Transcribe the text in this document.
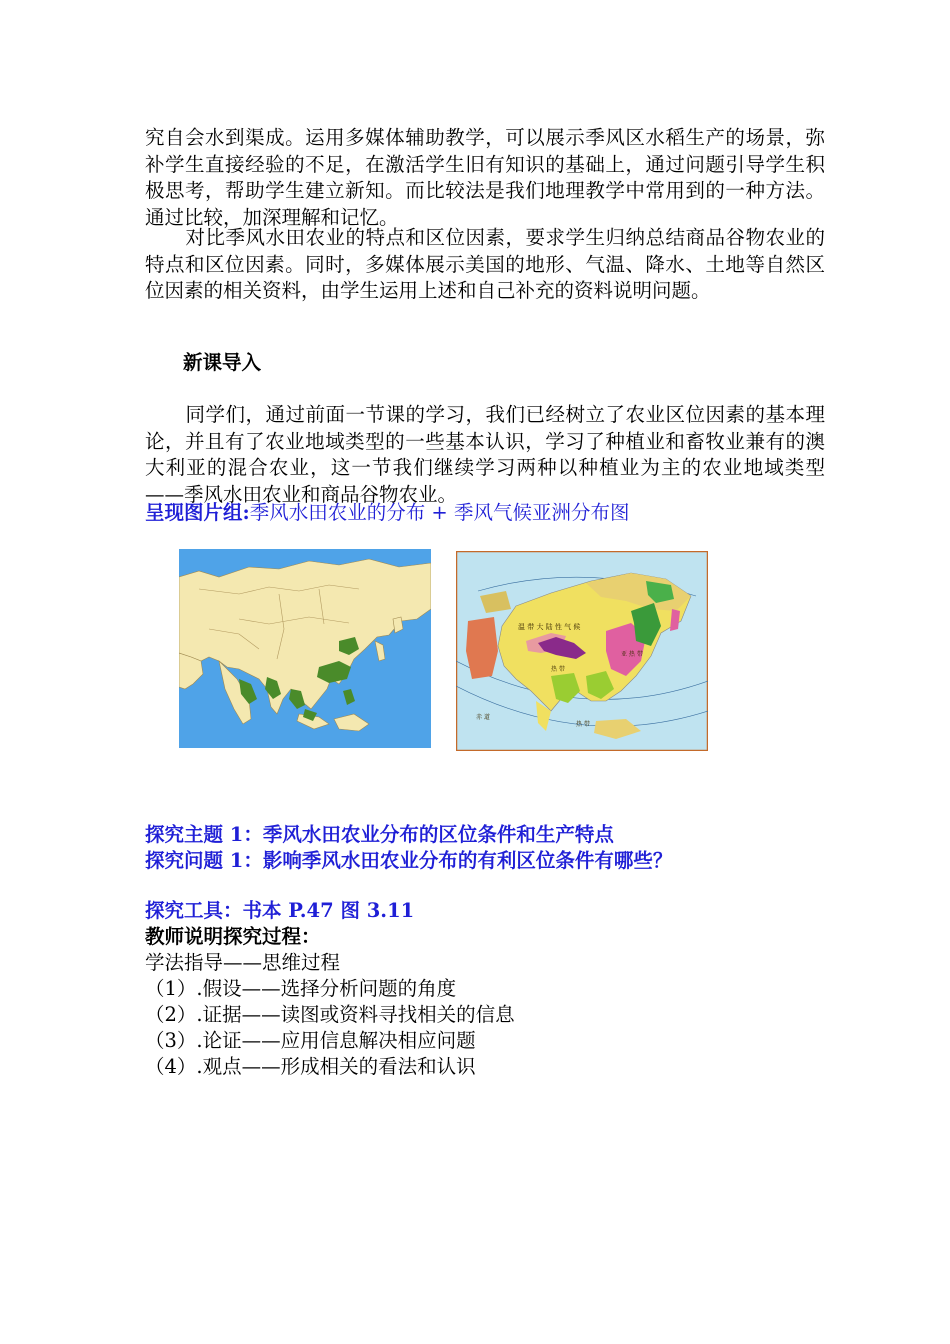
究自会水到渠成。运用多媒体辅助教学，可以展示季风区水稻生产的场景，弥补学生直接经验的不足，在激活学生旧有知识的基础上，通过问题引导学生积极思考，帮助学生建立新知。而比较法是我们地理教学中常用到的一种方法。通过比较，加深理解和记忆。
对比季风水田农业的特点和区位因素，要求学生归纳总结商品谷物农业的特点和区位因素。同时，多媒体展示美国的地形、气温、降水、土地等自然区位因素的相关资料，由学生运用上述和自己补充的资料说明问题。
新课导入
同学们，通过前面一节课的学习，我们已经树立了农业区位因素的基本理论，并且有了农业地域类型的一些基本认识，学习了种植业和畜牧业兼有的澳大利亚的混合农业，这一节我们继续学习两种以种植业为主的农业地域类型——季风水田农业和商品谷物农业。
呈现图片组:季风水田农业的分布 + 季风气候亚洲分布图
温 带 大 陆 性 气 候
热 带
亚 热 带
热 带
赤 道
探究主题 1：季风水田农业分布的区位条件和生产特点
探究问题 1：影响季风水田农业分布的有利区位条件有哪些？
探究工具：书本 P.47 图 3.11
教师说明探究过程：
学法指导——思维过程
（1）.假设——选择分析问题的角度
（2）.证据——读图或资料寻找相关的信息
（3）.论证——应用信息解决相应问题
（4）.观点——形成相关的看法和认识
